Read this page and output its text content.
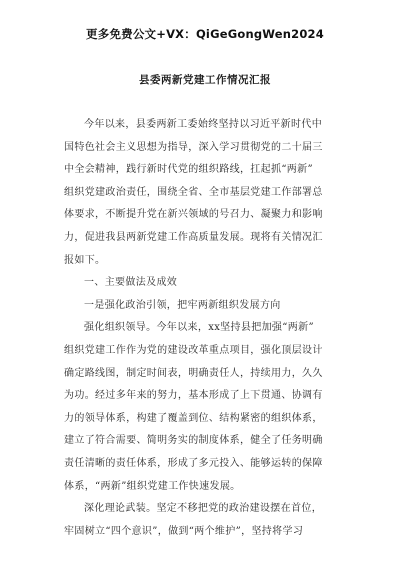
更多免费公文+VX：QiGeGongWen2024
县委两新党建工作情况汇报
今年以来，县委两新工委始终坚持以习近平新时代中
国特色社会主义思想为指导，深入学习贯彻党的二十届三
中全会精神，践行新时代党的组织路线，扛起抓“两新”
组织党建政治责任，围绕全省、全市基层党建工作部署总
体要求，不断提升党在新兴领域的号召力、凝聚力和影响
力，促进我县两新党建工作高质量发展。现将有关情况汇
报如下。
一、主要做法及成效
一是强化政治引领，把牢两新组织发展方向
强化组织领导。今年以来，xx坚持县把加强“两新”
组织党建工作作为党的建设改革重点项目，强化顶层设计
确定路线图，制定时间表，明确责任人，持续用力，久久
为功。经过多年来的努力，基本形成了上下贯通、协调有
力的领导体系，构建了覆盖到位、结构紧密的组织体系，
建立了符合需要、简明务实的制度体系，健全了任务明确
责任清晰的责任体系，形成了多元投入、能够运转的保障
体系，“两新”组织党建工作快速发展。
深化理论武装。坚定不移把党的政治建设摆在首位，
牢固树立“四个意识”，做到“两个维护”，坚持将学习
